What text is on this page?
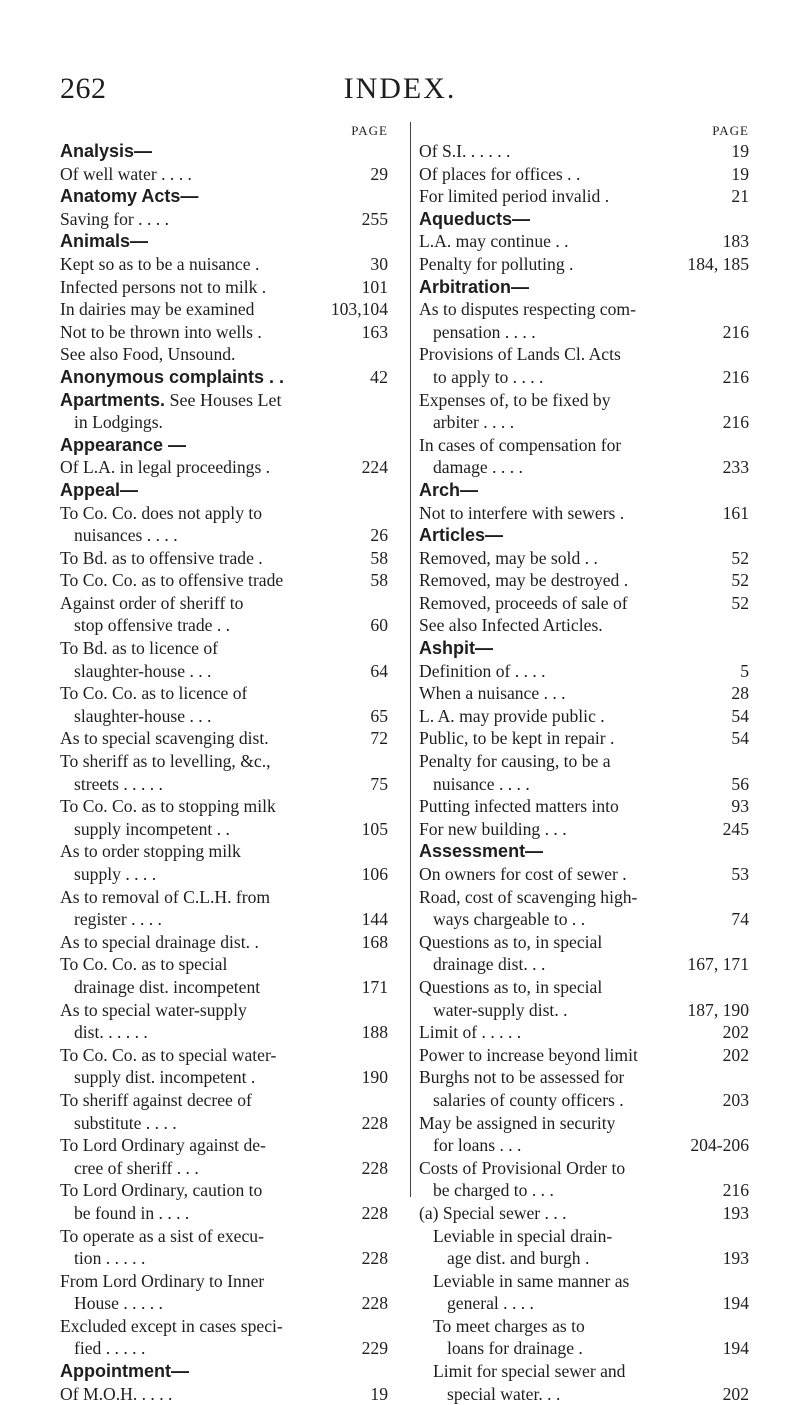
262	INDEX.
PAGE
Analysis—
Of well water . . . .	29
Anatomy Acts—
Saving for . . . .	255
Animals—
Kept so as to be a nuisance .	30
Infected persons not to milk .	101
In dairies may be examined	103,104
Not to be thrown into wells .	163
See also Food, Unsound.
Anonymous complaints . .	42
Apartments. See Houses Let
in Lodgings.
Appearance —
Of L.A. in legal proceedings .	224
Appeal—
To Co. Co. does not apply to
nuisances . . . .	26
To Bd. as to offensive trade .	58
To Co. Co. as to offensive trade	58
Against order of sheriff to
stop offensive trade . .	60
To Bd. as to licence of
slaughter-house . . .	64
To Co. Co. as to licence of
slaughter-house . . .	65
As to special scavenging dist.	72
To sheriff as to levelling, &c.,
streets . . . . .	75
To Co. Co. as to stopping milk
supply incompetent . .	105
As to order stopping milk
supply . . . .	106
As to removal of C.L.H. from
register . . . .	144
As to special drainage dist. .	168
To Co. Co. as to special
drainage dist. incompetent	171
As to special water-supply
dist. . . . . .	188
To Co. Co. as to special water-
supply dist. incompetent .	190
To sheriff against decree of
substitute . . . .	228
To Lord Ordinary against de-
cree of sheriff . . .	228
To Lord Ordinary, caution to
be found in . . . .	228
To operate as a sist of execu-
tion . . . . .	228
From Lord Ordinary to Inner
House . . . . .	228
Excluded except in cases speci-
fied . . . . .	229
Appointment—
Of M.O.H. . . . .	19
PAGE
Of S.I. . . . . .	19
Of places for offices . .	19
For limited period invalid .	21
Aqueducts—
L.A. may continue . .	183
Penalty for polluting .	184, 185
Arbitration—
As to disputes respecting com-
pensation . . . .	216
Provisions of Lands Cl. Acts
to apply to . . . .	216
Expenses of, to be fixed by
arbiter . . . .	216
In cases of compensation for
damage . . . .	233
Arch—
Not to interfere with sewers .	161
Articles—
Removed, may be sold . .	52
Removed, may be destroyed .	52
Removed, proceeds of sale of	52
See also Infected Articles.
Ashpit—
Definition of . . . .	5
When a nuisance . . .	28
L. A. may provide public .	54
Public, to be kept in repair .	54
Penalty for causing, to be a
nuisance . . . .	56
Putting infected matters into	93
For new building . . .	245
Assessment—
On owners for cost of sewer .	53
Road, cost of scavenging high-
ways chargeable to . .	74
Questions as to, in special
drainage dist. . .	167, 171
Questions as to, in special
water-supply dist. .	187, 190
Limit of . . . . .	202
Power to increase beyond limit	202
Burghs not to be assessed for
salaries of county officers .	203
May be assigned in security
for loans . . .	204-206
Costs of Provisional Order to
be charged to . . .	216
(a) Special sewer . . .	193
Leviable in special drain-
age dist. and burgh .	193
Leviable in same manner as
general . . . .	194
To meet charges as to
loans for drainage .	194
Limit for special sewer and
special water. . .	202
